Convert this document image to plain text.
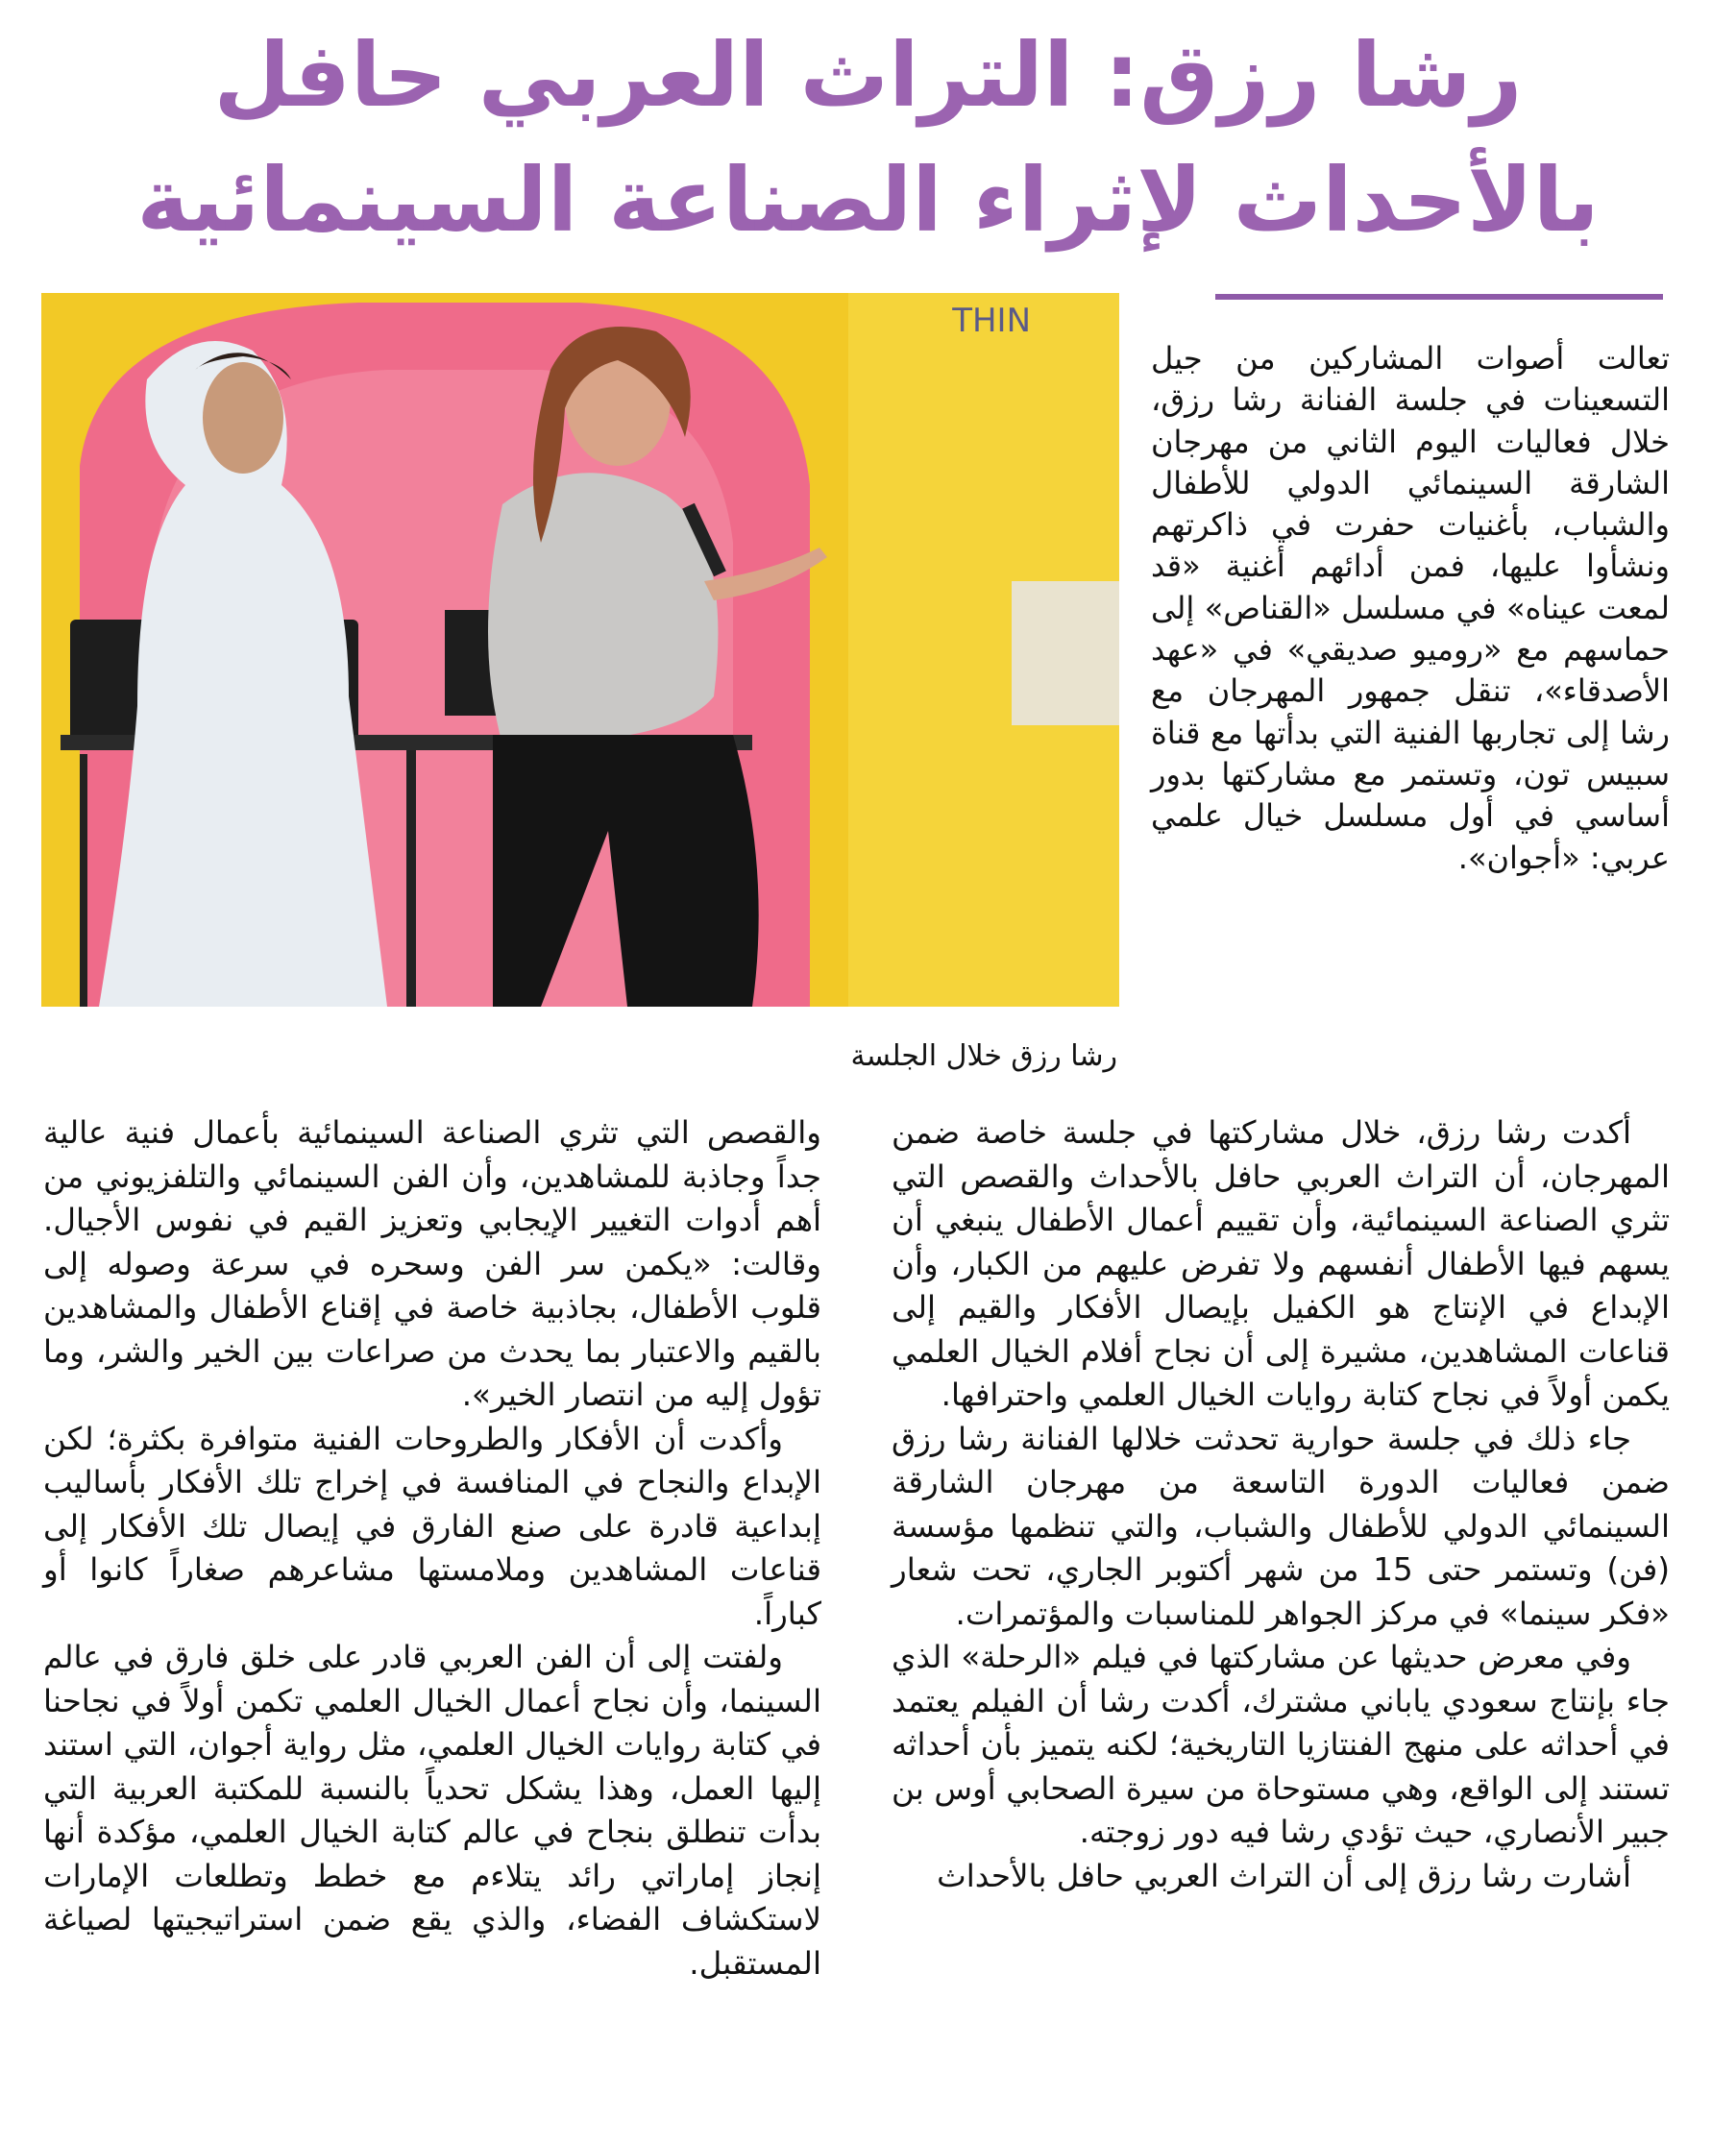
رشا رزق: التراث العربي حافل
بالأحداث لإثراء الصناعة السينمائية
THIN
تعالت أصوات المشاركين من جيل التسعينات في جلسة الفنانة رشا رزق، خلال فعاليات اليوم الثاني من مهرجان الشارقة السينمائي الدولي للأطفال والشباب، بأغنيات حفرت في ذاكرتهم ونشأوا عليها، فمن أدائهم أغنية «قد لمعت عيناه» في مسلسل «القناص» إلى حماسهم مع «روميو صديقي» في «عهد الأصدقاء»، تنقل جمهور المهرجان مع رشا إلى تجاربها الفنية التي بدأتها مع قناة سبيس تون، وتستمر مع مشاركتها بدور أساسي في أول مسلسل خيال علمي عربي: «أجوان».
رشا رزق خلال الجلسة

أكدت رشا رزق، خلال مشاركتها في جلسة خاصة ضمن المهرجان، أن التراث العربي حافل بالأحداث والقصص التي تثري الصناعة السينمائية، وأن تقييم أعمال الأطفال ينبغي أن يسهم فيها الأطفال أنفسهم ولا تفرض عليهم من الكبار، وأن الإبداع في الإنتاج هو الكفيل بإيصال الأفكار والقيم إلى قناعات المشاهدين، مشيرة إلى أن نجاح أفلام الخيال العلمي يكمن أولاً في نجاح كتابة روايات الخيال العلمي واحترافها.

جاء ذلك في جلسة حوارية تحدثت خلالها الفنانة رشا رزق ضمن فعاليات الدورة التاسعة من مهرجان الشارقة السينمائي الدولي للأطفال والشباب، والتي تنظمها مؤسسة (فن) وتستمر حتى 15 من شهر أكتوبر الجاري، تحت شعار «فكر سينما» في مركز الجواهر للمناسبات والمؤتمرات.

وفي معرض حديثها عن مشاركتها في فيلم «الرحلة» الذي جاء بإنتاج سعودي ياباني مشترك، أكدت رشا أن الفيلم يعتمد في أحداثه على منهج الفنتازيا التاريخية؛ لكنه يتميز بأن أحداثه تستند إلى الواقع، وهي مستوحاة من سيرة الصحابي أوس بن جبير الأنصاري، حيث تؤدي رشا فيه دور زوجته.

أشارت رشا رزق إلى أن التراث العربي حافل بالأحداث

والقصص التي تثري الصناعة السينمائية بأعمال فنية عالية جداً وجاذبة للمشاهدين، وأن الفن السينمائي والتلفزيوني من أهم أدوات التغيير الإيجابي وتعزيز القيم في نفوس الأجيال. وقالت: «يكمن سر الفن وسحره في سرعة وصوله إلى قلوب الأطفال، بجاذبية خاصة في إقناع الأطفال والمشاهدين بالقيم والاعتبار بما يحدث من صراعات بين الخير والشر، وما تؤول إليه من انتصار الخير».

وأكدت أن الأفكار والطروحات الفنية متوافرة بكثرة؛ لكن الإبداع والنجاح في المنافسة في إخراج تلك الأفكار بأساليب إبداعية قادرة على صنع الفارق في إيصال تلك الأفكار إلى قناعات المشاهدين وملامستها مشاعرهم صغاراً كانوا أو كباراً.

ولفتت إلى أن الفن العربي قادر على خلق فارق في عالم السينما، وأن نجاح أعمال الخيال العلمي تكمن أولاً في نجاحنا في كتابة روايات الخيال العلمي، مثل رواية أجوان، التي استند إليها العمل، وهذا يشكل تحدياً بالنسبة للمكتبة العربية التي بدأت تنطلق بنجاح في عالم كتابة الخيال العلمي، مؤكدة أنها إنجاز إماراتي رائد يتلاءم مع خطط وتطلعات الإمارات لاستكشاف الفضاء، والذي يقع ضمن استراتيجيتها لصياغة المستقبل.
